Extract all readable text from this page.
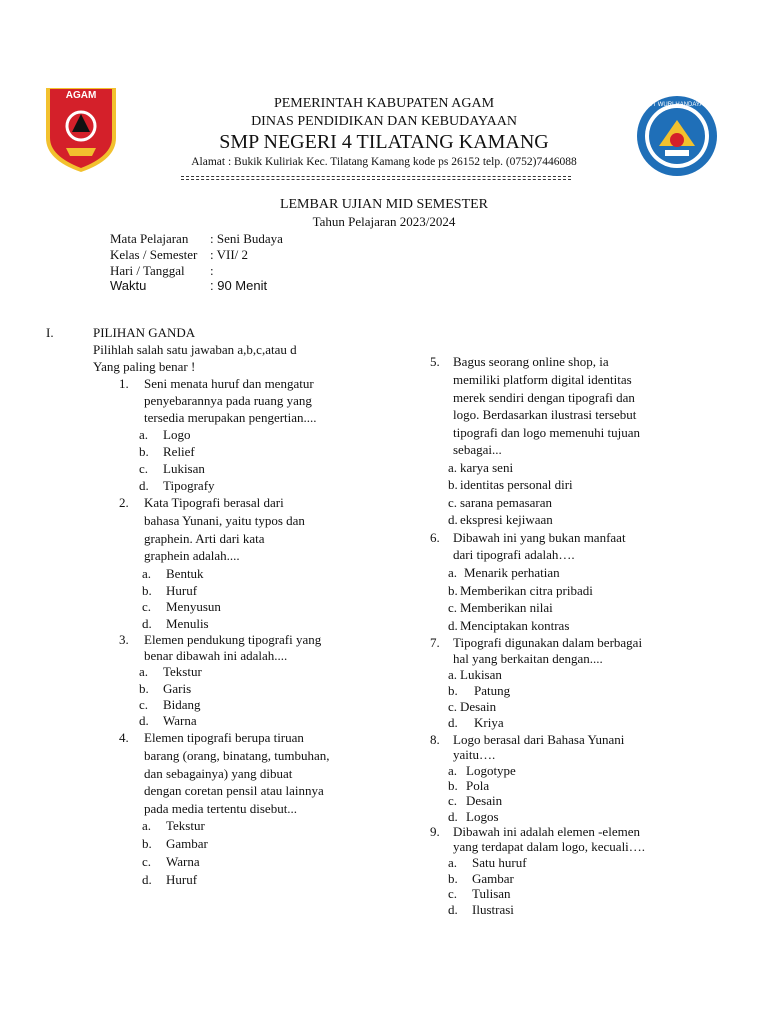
AGAM
TUT WURI HANDAYANI
PEMERINTAH KABUPATEN AGAM
DINAS PENDIDIKAN DAN KEBUDAYAAN
SMP NEGERI 4 TILATANG KAMANG
Alamat : Bukik Kuliriak Kec. Tilatang Kamang kode ps 26152 telp. (0752)7446088
LEMBAR UJIAN MID SEMESTER
Tahun Pelajaran 2023/2024
Mata Pelajaran : Seni Budaya
Kelas / Semester : VII/ 2
Hari / Tanggal :
Waktu	: 90 Menit
I.	PILIHAN GANDA
Pilihlah salah satu jawaban a,b,c,atau d
Yang paling benar !
1. Seni menata huruf dan mengatur
penyebarannya pada ruang yang
tersedia merupakan pengertian....
a. Logo
b. Relief
c. Lukisan
d. Tipografy
2. Kata Tipografi berasal dari
bahasa Yunani, yaitu typos dan
graphein. Arti dari kata
graphein adalah....
a. Bentuk
b. Huruf
c. Menyusun
d. Menulis
3. Elemen pendukung tipografi yang
benar dibawah ini adalah....
a. Tekstur
b. Garis
c. Bidang
d. Warna
4. Elemen tipografi berupa tiruan
barang (orang, binatang, tumbuhan,
dan sebagainya) yang dibuat
dengan coretan pensil atau lainnya
pada media tertentu disebut...
a. Tekstur
b. Gambar
c. Warna
d. Huruf
5. Bagus seorang online shop, ia
memiliki platform digital identitas
merek sendiri dengan tipografi dan
logo. Berdasarkan ilustrasi tersebut
tipografi dan logo memenuhi tujuan
sebagai...
a. karya seni
b. identitas personal diri
c. sarana pemasaran
d. ekspresi kejiwaan
6. Dibawah ini yang bukan manfaat
dari tipografi adalah….
a. Menarik perhatian
b. Memberikan citra pribadi
c. Memberikan nilai
d. Menciptakan kontras
7. Tipografi digunakan dalam berbagai
hal yang berkaitan dengan....
a. Lukisan
b. Patung
c. Desain
d. Kriya
8. Logo berasal dari Bahasa Yunani
yaitu….
a. Logotype
b. Pola
c. Desain
d. Logos
9. Dibawah ini adalah elemen -elemen
yang terdapat dalam logo, kecuali….
a. Satu huruf
b. Gambar
c. Tulisan
d. Ilustrasi
